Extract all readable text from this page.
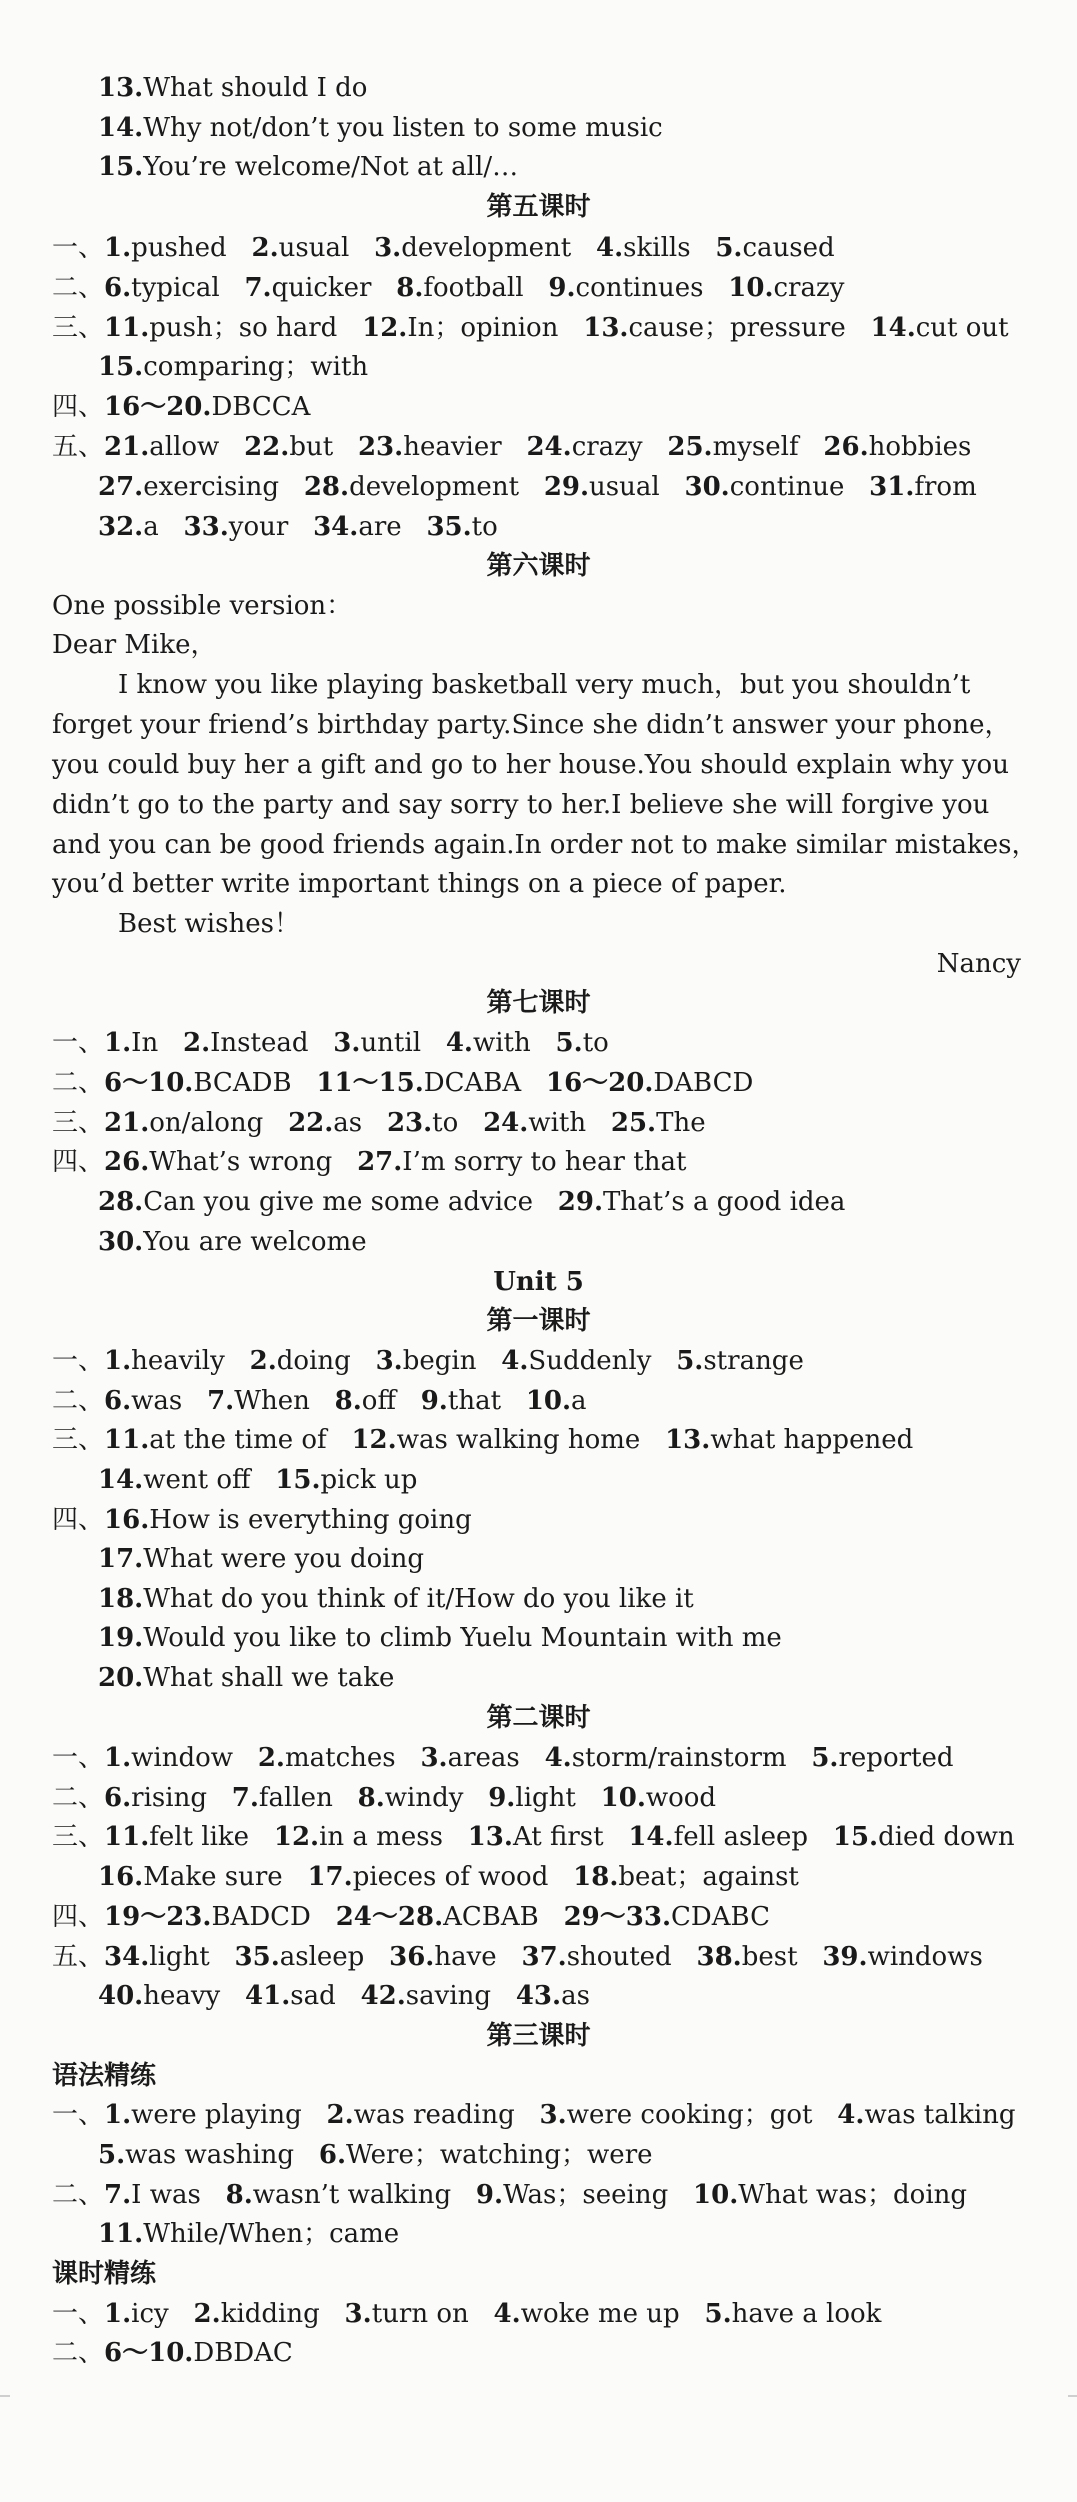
13.What should I do
14.Why not/don’t you listen to some music
15.You’re welcome/Not at all/…
第五课时
一、1.pushed   2.usual   3.development   4.skills   5.caused
二、6.typical   7.quicker   8.football   9.continues   10.crazy
三、11.push；so hard   12.In；opinion   13.cause；pressure   14.cut out
15.comparing；with
四、16～20.DBCCA
五、21.allow   22.but   23.heavier   24.crazy   25.myself   26.hobbies
27.exercising   28.development   29.usual   30.continue   31.from
32.a   33.your   34.are   35.to
第六课时
One possible version：
Dear Mike，
I know you like playing basketball very much，but you shouldn’t
forget your friend’s birthday party.Since she didn’t answer your phone，
you could buy her a gift and go to her house.You should explain why you
didn’t go to the party and say sorry to her.I believe she will forgive you
and you can be good friends again.In order not to make similar mistakes，
you’d better write important things on a piece of paper.
Best wishes！
Nancy
第七课时
一、1.In   2.Instead   3.until   4.with   5.to
二、6～10.BCADB   11～15.DCABA   16～20.DABCD
三、21.on/along   22.as   23.to   24.with   25.The
四、26.What’s wrong   27.I’m sorry to hear that
28.Can you give me some advice   29.That’s a good idea
30.You are welcome
Unit 5
第一课时
一、1.heavily   2.doing   3.begin   4.Suddenly   5.strange
二、6.was   7.When   8.off   9.that   10.a
三、11.at the time of   12.was walking home   13.what happened
14.went off   15.pick up
四、16.How is everything going
17.What were you doing
18.What do you think of it/How do you like it
19.Would you like to climb Yuelu Mountain with me
20.What shall we take
第二课时
一、1.window   2.matches   3.areas   4.storm/rainstorm   5.reported
二、6.rising   7.fallen   8.windy   9.light   10.wood
三、11.felt like   12.in a mess   13.At first   14.fell asleep   15.died down
16.Make sure   17.pieces of wood   18.beat；against
四、19～23.BADCD   24～28.ACBAB   29～33.CDABC
五、34.light   35.asleep   36.have   37.shouted   38.best   39.windows
40.heavy   41.sad   42.saving   43.as
第三课时
语法精练
一、1.were playing   2.was reading   3.were cooking；got   4.was talking
5.was washing   6.Were；watching；were
二、7.I was   8.wasn’t walking   9.Was；seeing   10.What was；doing
11.While/When；came
课时精练
一、1.icy   2.kidding   3.turn on   4.woke me up   5.have a look
二、6～10.DBDAC
